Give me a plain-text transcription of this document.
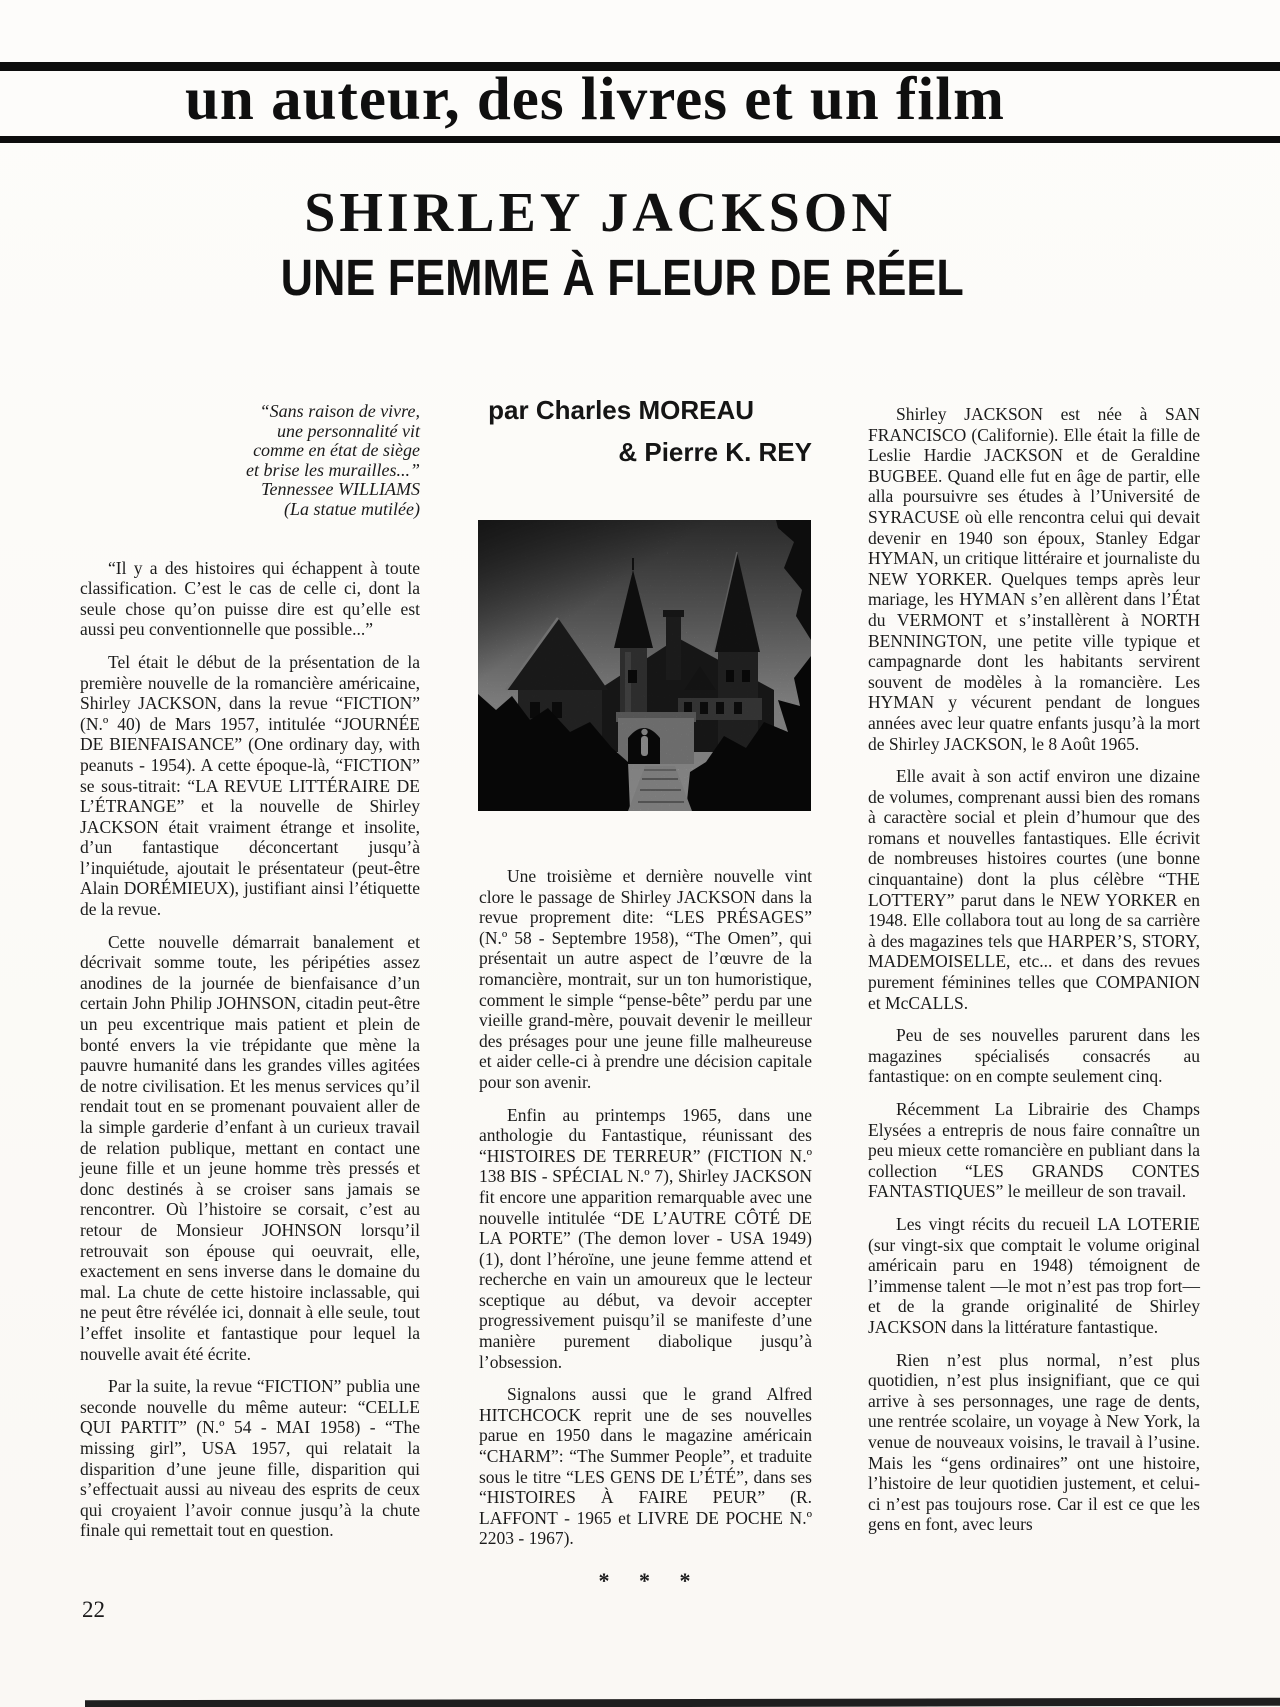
un auteur, des livres et un film
SHIRLEY JACKSON
UNE FEMME À FLEUR DE RÉEL
“Sans raison de vivre,
une personnalité vit
comme en état de siège
et brise les murailles...”
Tennessee WILLIAMS
(La statue mutilée)

“Il y a des histoires qui échappent à toute classification. C’est le cas de celle ci, dont la seule chose qu’on puisse dire est qu’elle est aussi peu conventionnelle que possible...”

Tel était le début de la présentation de la première nouvelle de la romancière américaine, Shirley JACKSON, dans la revue “FICTION” (N.º 40) de Mars 1957, intitulée “JOURNÉE DE BIENFAISANCE” (One ordinary day, with peanuts - 1954). A cette époque-là, “FICTION” se sous-titrait: “LA REVUE LITTÉRAIRE DE L’ÉTRANGE” et la nouvelle de Shirley JACKSON était vraiment étrange et insolite, d’un fantastique déconcertant jusqu’à l’inquiétude, ajoutait le présentateur (peut-être Alain DORÉMIEUX), justifiant ainsi l’étiquette de la revue.

Cette nouvelle démarrait banalement et décrivait somme toute, les péripéties assez anodines de la journée de bienfaisance d’un certain John Philip JOHNSON, citadin peut-être un peu excentrique mais patient et plein de bonté envers la vie trépidante que mène la pauvre humanité dans les grandes villes agitées de notre civilisation. Et les menus services qu’il rendait tout en se promenant pouvaient aller de la simple garderie d’enfant à un curieux travail de relation publique, mettant en contact une jeune fille et un jeune homme très pressés et donc destinés à se croiser sans jamais se rencontrer. Où l’histoire se corsait, c’est au retour de Monsieur JOHNSON lorsqu’il retrouvait son épouse qui oeuvrait, elle, exactement en sens inverse dans le domaine du mal. La chute de cette histoire inclassable, qui ne peut être révélée ici, donnait à elle seule, tout l’effet insolite et fantastique pour lequel la nouvelle avait été écrite.

Par la suite, la revue “FICTION” publia une seconde nouvelle du même auteur: “CELLE QUI PARTIT” (N.º 54 - MAI 1958) - “The missing girl”, USA 1957, qui relatait la disparition d’une jeune fille, disparition qui s’effectuait aussi au niveau des esprits de ceux qui croyaient l’avoir connue jusqu’à la chute finale qui remettait tout en question.

par Charles MOREAU
& Pierre K. REY

Une troisième et dernière nouvelle vint clore le passage de Shirley JACKSON dans la revue proprement dite: “LES PRÉSAGES” (N.º 58 - Septembre 1958), “The Omen”, qui présentait un autre aspect de l’œuvre de la romancière, montrait, sur un ton humoristique, comment le simple “pense-bête” perdu par une vieille grand-mère, pouvait devenir le meilleur des présages pour une jeune fille malheureuse et aider celle-ci à prendre une décision capitale pour son avenir.

Enfin au printemps 1965, dans une anthologie du Fantastique, réunissant des “HISTOIRES DE TERREUR” (FICTION N.º 138 BIS - SPÉCIAL N.º 7), Shirley JACKSON fit encore une apparition remarquable avec une nouvelle intitulée “DE L’AUTRE CÔTÉ DE LA PORTE” (The demon lover - USA 1949) (1), dont l’héroïne, une jeune femme attend et recherche en vain un amoureux que le lecteur sceptique au début, va devoir accepter progressivement puisqu’il se manifeste d’une manière purement diabolique jusqu’à l’obsession.

Signalons aussi que le grand Alfred HITCHCOCK reprit une de ses nouvelles parue en 1950 dans le magazine américain “CHARM”: “The Summer People”, et traduite sous le titre “LES GENS DE L’ÉTÉ”, dans ses “HISTOIRES À FAIRE PEUR” (R. LAFFONT - 1965 et LIVRE DE POCHE N.º 2203 - 1967).

* * *

Shirley JACKSON est née à SAN FRANCISCO (Californie). Elle était la fille de Leslie Hardie JACKSON et de Geraldine BUGBEE. Quand elle fut en âge de partir, elle alla poursuivre ses études à l’Université de SYRACUSE où elle rencontra celui qui devait devenir en 1940 son époux, Stanley Edgar HYMAN, un critique littéraire et journaliste du NEW YORKER. Quelques temps après leur mariage, les HYMAN s’en allèrent dans l’État du VERMONT et s’installèrent à NORTH BENNINGTON, une petite ville typique et campagnarde dont les habitants servirent souvent de modèles à la romancière. Les HYMAN y vécurent pendant de longues années avec leur quatre enfants jusqu’à la mort de Shirley JACKSON, le 8 Août 1965.

Elle avait à son actif environ une dizaine de volumes, comprenant aussi bien des romans à caractère social et plein d’humour que des romans et nouvelles fantastiques. Elle écrivit de nombreuses histoires courtes (une bonne cinquantaine) dont la plus célèbre “THE LOTTERY” parut dans le NEW YORKER en 1948. Elle collabora tout au long de sa carrière à des magazines tels que HARPER’S, STORY, MADEMOISELLE, etc... et dans des revues purement féminines telles que COMPANION et McCALLS.

Peu de ses nouvelles parurent dans les magazines spécialisés consacrés au fantastique: on en compte seulement cinq.

Récemment La Librairie des Champs Elysées a entrepris de nous faire connaître un peu mieux cette romancière en publiant dans la collection “LES GRANDS CONTES FANTASTIQUES” le meilleur de son travail.

Les vingt récits du recueil LA LOTERIE (sur vingt-six que comptait le volume original américain paru en 1948) témoignent de l’immense talent —le mot n’est pas trop fort— et de la grande originalité de Shirley JACKSON dans la littérature fantastique.

Rien n’est plus normal, n’est plus quotidien, n’est plus insignifiant, que ce qui arrive à ses personnages, une rage de dents, une rentrée scolaire, un voyage à New York, la venue de nouveaux voisins, le travail à l’usine. Mais les “gens ordinaires” ont une histoire, l’histoire de leur quotidien justement, et celui-ci n’est pas toujours rose. Car il est ce que les gens en font, avec leurs

22
